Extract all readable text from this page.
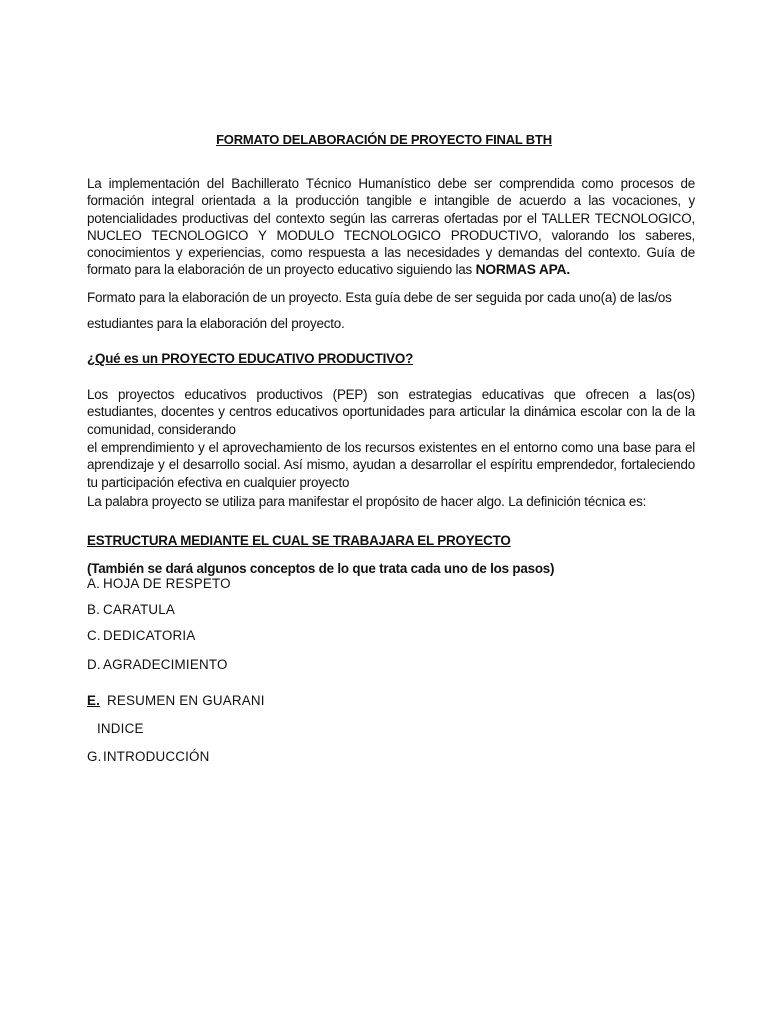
FORMATO DELABORACIÓN DE PROYECTO FINAL BTH

La implementación del Bachillerato Técnico Humanístico debe ser comprendida como procesos de formación integral orientada a la producción tangible e intangible de acuerdo a las vocaciones, y potencialidades productivas del contexto según las carreras ofertadas por el TALLER TECNOLOGICO, NUCLEO TECNOLOGICO Y MODULO TECNOLOGICO PRODUCTIVO, valorando los saberes, conocimientos y experiencias, como respuesta a las necesidades y demandas del contexto. Guía de formato para la elaboración de un proyecto educativo siguiendo las NORMAS APA.

Formato para la elaboración de un proyecto. Esta guía debe de ser seguida por cada uno(a) de las/os

estudiantes para la elaboración del proyecto.

¿Qué es un PROYECTO EDUCATIVO PRODUCTIVO?

Los proyectos educativos productivos (PEP) son estrategias educativas que ofrecen a las(os) estudiantes, docentes y centros educativos oportunidades para articular la dinámica escolar con la de la comunidad, considerando

el emprendimiento y el aprovechamiento de los recursos existentes en el entorno como una base para el aprendizaje y el desarrollo social. Así mismo, ayudan a desarrollar el espíritu emprendedor, fortaleciendo tu participación efectiva en cualquier proyecto

La palabra proyecto se utiliza para manifestar el propósito de hacer algo. La definición técnica es:

ESTRUCTURA MEDIANTE EL CUAL SE TRABAJARA EL PROYECTO

(También se dará algunos conceptos de lo que trata cada uno de los pasos)

A. HOJA DE RESPETO
B. CARATULA
C. DEDICATORIA
D. AGRADECIMIENTO
E. RESUMEN EN GUARANI
INDICE
G.INTRODUCCIÓN
